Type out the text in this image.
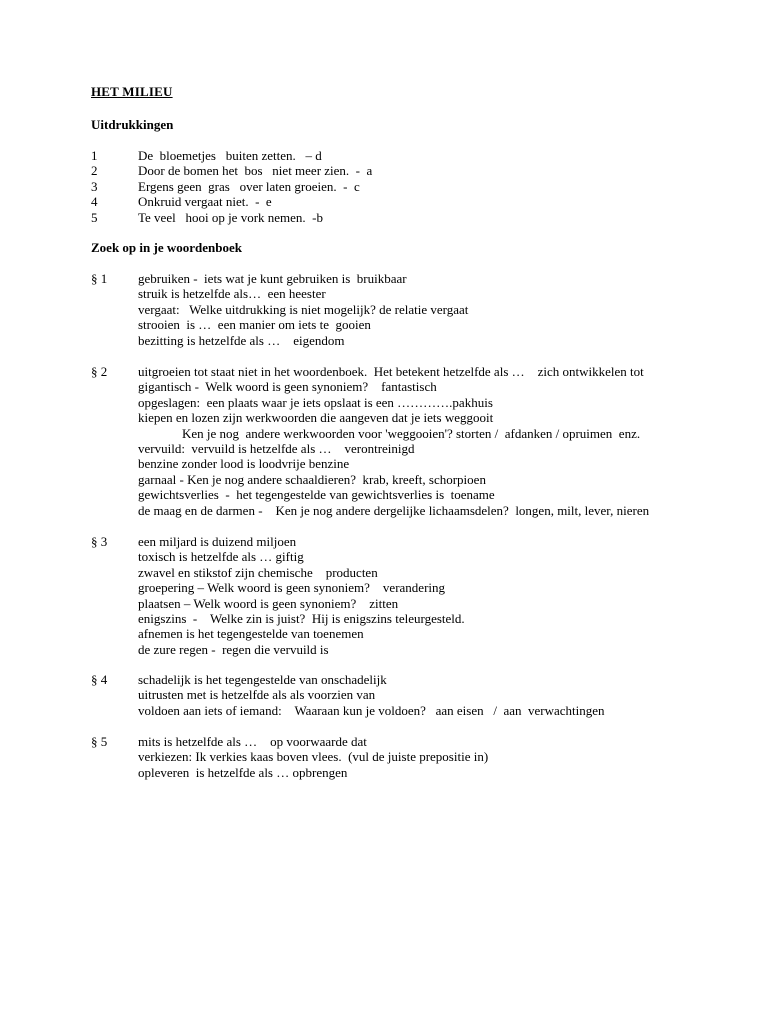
HET MILIEU
Uitdrukkingen
1	De  bloemetjes   buiten zetten.   – d
2	Door de bomen het  bos   niet meer zien.  -  a
3	Ergens geen  gras   over laten groeien.  -  c
4	Onkruid vergaat niet.  -  e
5	Te veel   hooi op je vork nemen.  -b
Zoek op in je woordenboek
§ 1 gebruiken -  iets wat je kunt gebruiken is  bruikbaar
struik is hetzelfde als…  een heester
vergaat:   Welke uitdrukking is niet mogelijk? de relatie vergaat
strooien  is …  een manier om iets te  gooien
bezitting is hetzelfde als …    eigendom
§ 2 uitgroeien tot staat niet in het woordenboek.  Het betekent hetzelfde als …    zich ontwikkelen tot
gigantisch -  Welk woord is geen synoniem?    fantastisch
opgeslagen:  een plaats waar je iets opslaat is een ………….pakhuis
kiepen en lozen zijn werkwoorden die aangeven dat je iets weggooit
Ken je nog  andere werkwoorden voor 'weggooien'? storten /  afdanken / opruimen  enz.
vervuild:  vervuild is hetzelfde als …    verontreinigd
benzine zonder lood is loodvrije benzine
garnaal - Ken je nog andere schaaldieren?  krab, kreeft, schorpioen
gewichtsverlies  -  het tegengestelde van gewichtsverlies is  toename
de maag en de darmen -    Ken je nog andere dergelijke lichaamsdelen?  longen, milt, lever, nieren
§ 3 een miljard is duizend miljoen
toxisch is hetzelfde als … giftig
zwavel en stikstof zijn chemische    producten
groepering – Welk woord is geen synoniem?    verandering
plaatsen – Welk woord is geen synoniem?    zitten
enigszins  -    Welke zin is juist?  Hij is enigszins teleurgesteld.
afnemen is het tegengestelde van toenemen
de zure regen -  regen die vervuild is
§ 4 schadelijk is het tegengestelde van onschadelijk
uitrusten met is hetzelfde als als voorzien van
voldoen aan iets of iemand:    Waaraan kun je voldoen?   aan eisen   /  aan  verwachtingen
§ 5 mits is hetzelfde als …    op voorwaarde dat
verkiezen: Ik verkies kaas boven vlees.  (vul de juiste prepositie in)
opleveren  is hetzelfde als … opbrengen
